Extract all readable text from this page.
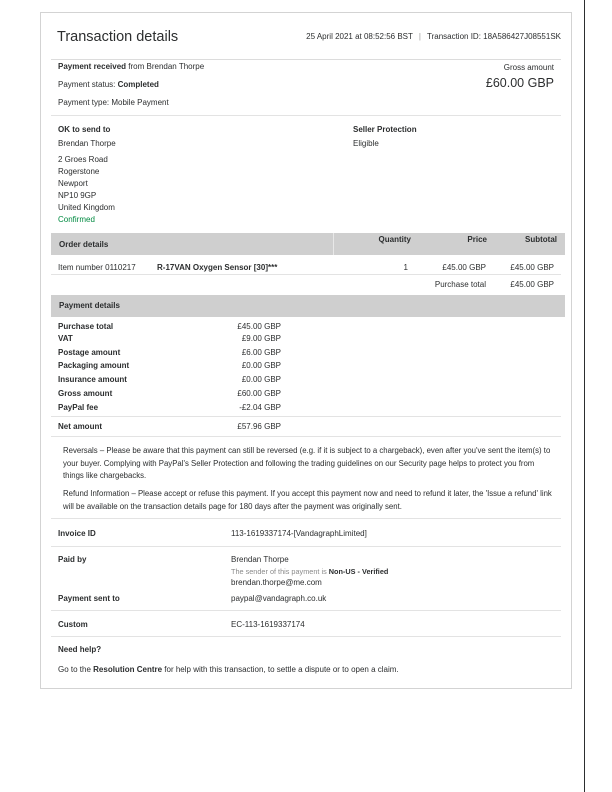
Transaction details	25 April 2021 at 08:52:56 BST | Transaction ID: 18A586427J08551SK
Payment received from Brendan Thorpe
Payment status: Completed
Payment type: Mobile Payment
Gross amount
£60.00 GBP
OK to send to
Brendan Thorpe
2 Groes Road
Rogerstone
Newport
NP10 9GP
United Kingdom
Confirmed
Seller Protection
Eligible
Order details
Quantity	Price	Subtotal
Item number 0110217	R-17VAN Oxygen Sensor [30]***	1	£45.00 GBP	£45.00 GBP
Purchase total	£45.00 GBP
Payment details
Purchase total	£45.00 GBP
VAT	£9.00 GBP
Postage amount	£6.00 GBP
Packaging amount	£0.00 GBP
Insurance amount	£0.00 GBP
Gross amount	£60.00 GBP
PayPal fee	-£2.04 GBP
Net amount	£57.96 GBP

Reversals – Please be aware that this payment can still be reversed (e.g. if it is subject to a chargeback), even after you've sent the item(s) to your buyer. Complying with PayPal's Seller Protection and following the trading guidelines on our Security page helps to protect you from things like chargebacks.

Refund Information – Please accept or refuse this payment. If you accept this payment now and need to refund it later, the 'Issue a refund' link will be available on the transaction details page for 180 days after the payment was originally sent.

Invoice ID	113-1619337174-[VandagraphLimited]
Paid by	Brendan Thorpe
The sender of this payment is Non-US - Verified
brendan.thorpe@me.com
Payment sent to	paypal@vandagraph.co.uk
Custom	EC-113-1619337174
Need help?
Go to the Resolution Centre for help with this transaction, to settle a dispute or to open a claim.
